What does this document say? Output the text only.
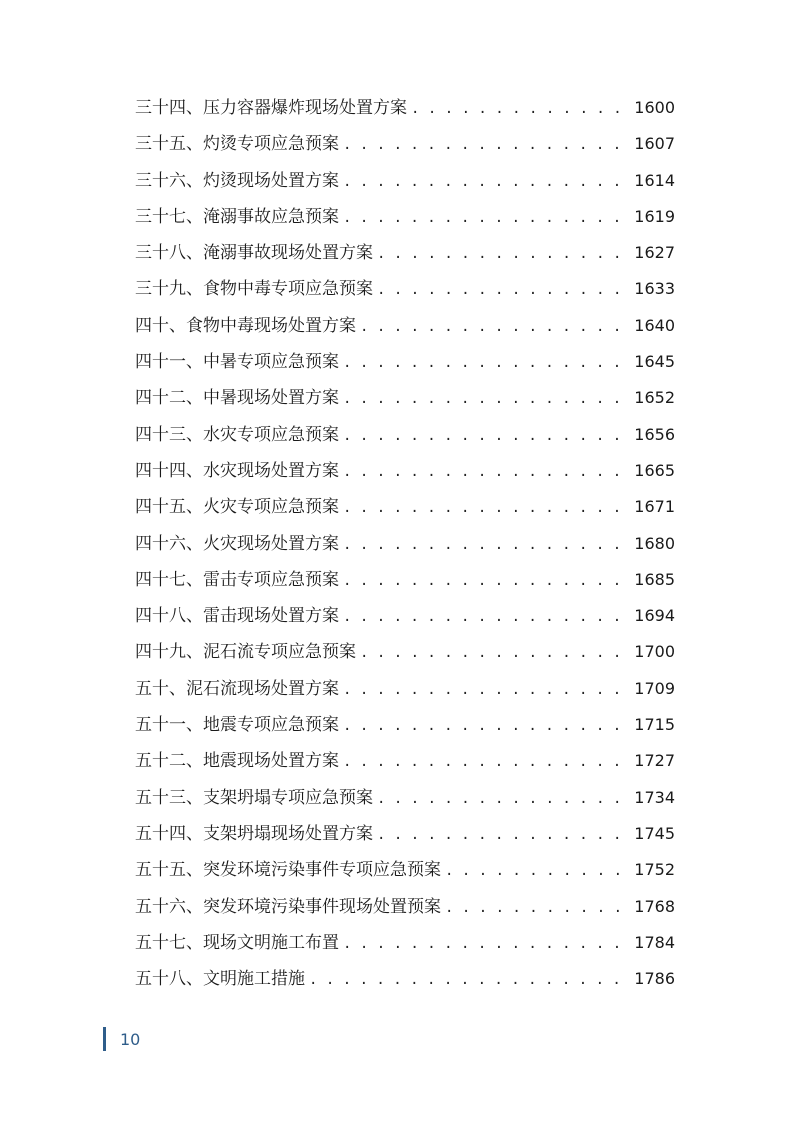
三十四、压力容器爆炸现场处置方案 . . .	1600
三十五、灼烫专项应急预案 . . .	1607
三十六、灼烫现场处置方案 . . .	1614
三十七、淹溺事故应急预案 . . .	1619
三十八、淹溺事故现场处置方案 . . .	1627
三十九、食物中毒专项应急预案 . . .	1633
四十、食物中毒现场处置方案 . . .	1640
四十一、中暑专项应急预案 . . .	1645
四十二、中暑现场处置方案 . . .	1652
四十三、水灾专项应急预案 . . .	1656
四十四、水灾现场处置方案 . . .	1665
四十五、火灾专项应急预案 . . .	1671
四十六、火灾现场处置方案 . . .	1680
四十七、雷击专项应急预案 . . .	1685
四十八、雷击现场处置方案 . . .	1694
四十九、泥石流专项应急预案 . . .	1700
五十、泥石流现场处置方案 . . .	1709
五十一、地震专项应急预案 . . .	1715
五十二、地震现场处置方案 . . .	1727
五十三、支架坍塌专项应急预案 . . .	1734
五十四、支架坍塌现场处置方案 . . .	1745
五十五、突发环境污染事件专项应急预案 . . .	1752
五十六、突发环境污染事件现场处置预案 . . .	1768
五十七、现场文明施工布置 . . .	1784
五十八、文明施工措施 . . .	1786
10
